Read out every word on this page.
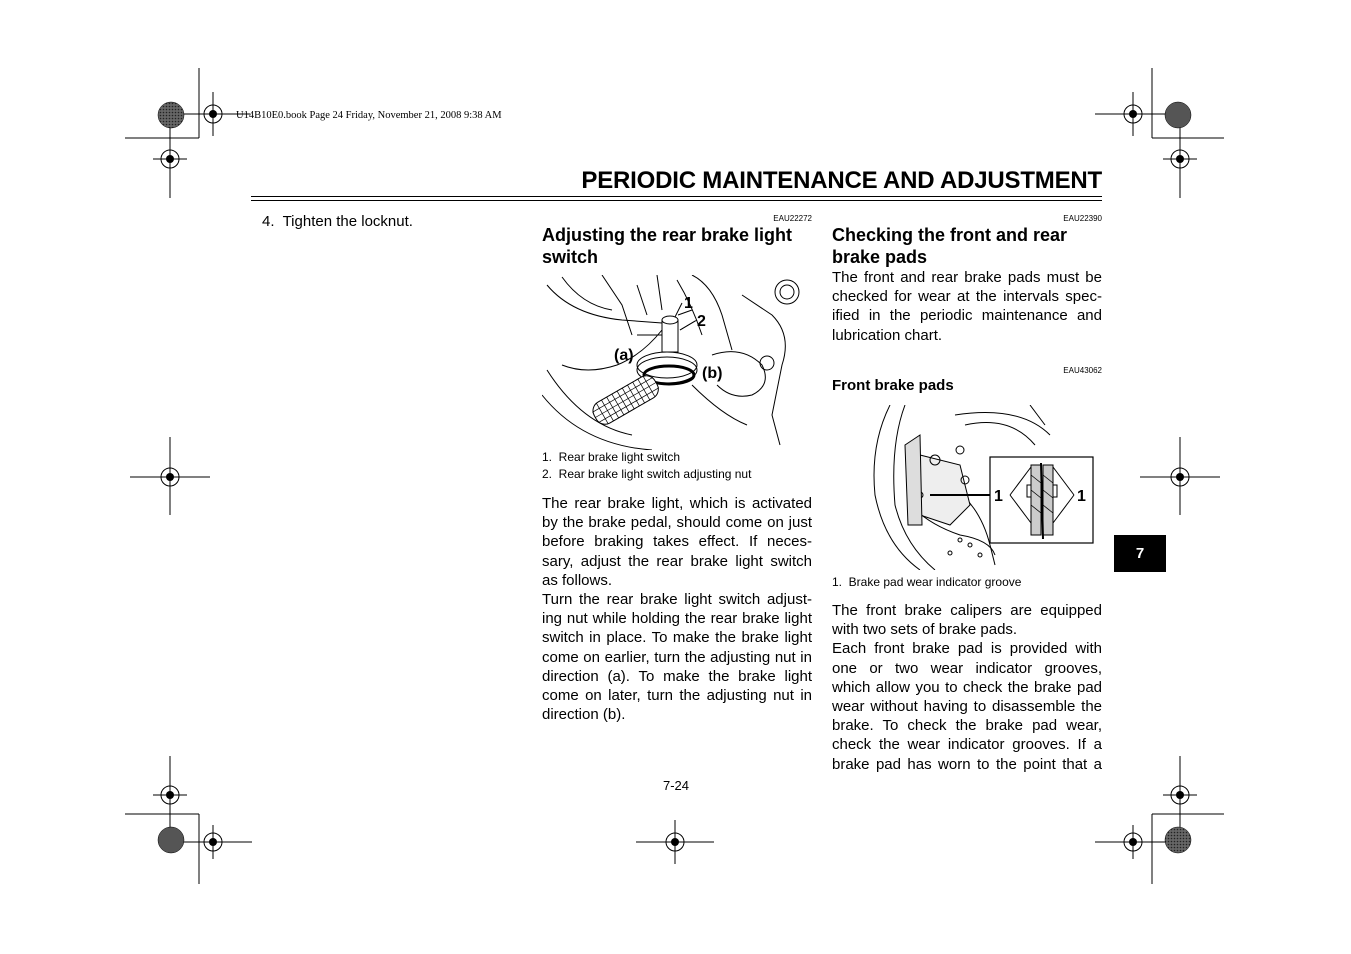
U14B10E0.book Page 24 Friday, November 21, 2008 9:38 AM
PERIODIC MAINTENANCE AND ADJUSTMENT
4.  Tighten the locknut.	EAU22272
Adjusting the rear brake light switch
1
2
(a)
(b)
1.  Rear brake light switch
2.  Rear brake light switch adjusting nut

The rear brake light, which is activated by the brake pedal, should come on just before braking takes effect. If neces-sary, adjust the rear brake light switch as follows.

Turn the rear brake light switch adjust-ing nut while holding the rear brake light switch in place. To make the brake light come on earlier, turn the adjusting nut in direction (a). To make the brake light come on later, turn the adjusting nut in direction (b).

EAU22390
Checking the front and rear brake pads

The front and rear brake pads must be checked for wear at the intervals spec-ified in the periodic maintenance and lubrication chart.

EAU43062
Front brake pads
1	1
1.  Brake pad wear indicator groove

The front brake calipers are equipped with two sets of brake pads.

Each front brake pad is provided with one or two wear indicator grooves, which allow you to check the brake pad wear without having to disassemble the brake. To check the brake pad wear, check the wear indicator grooves. If a brake pad has worn to the point that a

7
7-24
